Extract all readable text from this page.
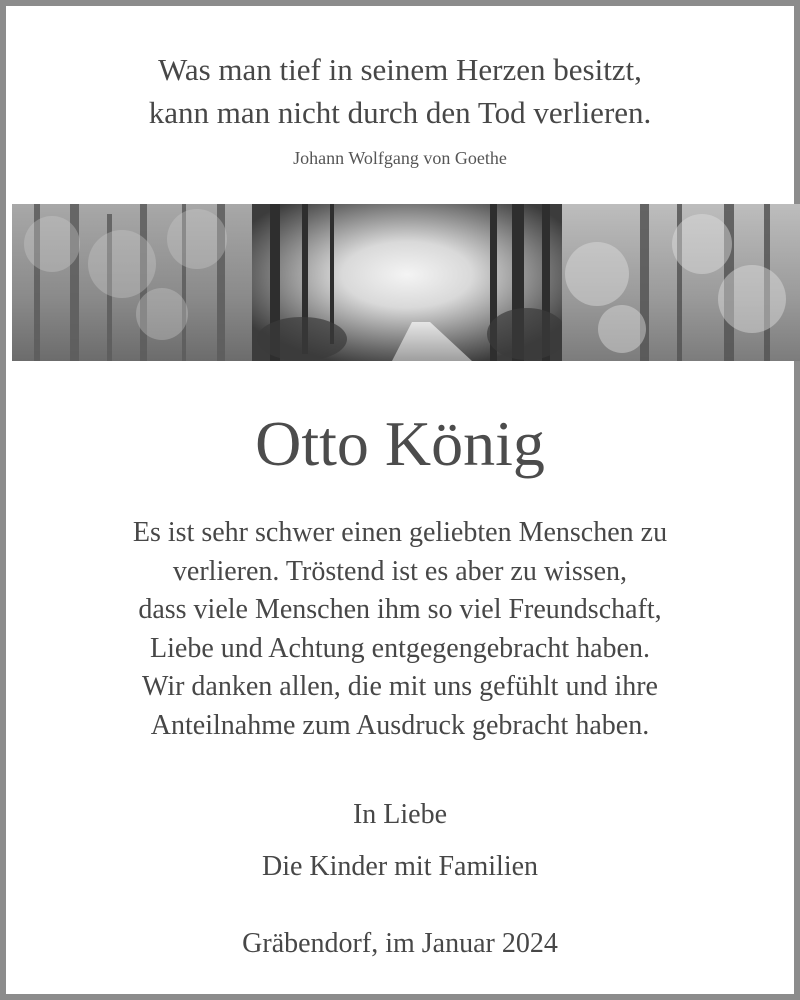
Was man tief in seinem Herzen besitzt,
kann man nicht durch den Tod verlieren.
Johann Wolfgang von Goethe
Otto König
Es ist sehr schwer einen geliebten Menschen zu
verlieren. Tröstend ist es aber zu wissen,
dass viele Menschen ihm so viel Freundschaft,
Liebe und Achtung entgegengebracht haben.
Wir danken allen, die mit uns gefühlt und ihre
Anteilnahme zum Ausdruck gebracht haben.
In Liebe
Die Kinder mit Familien
Gräbendorf, im Januar 2024
